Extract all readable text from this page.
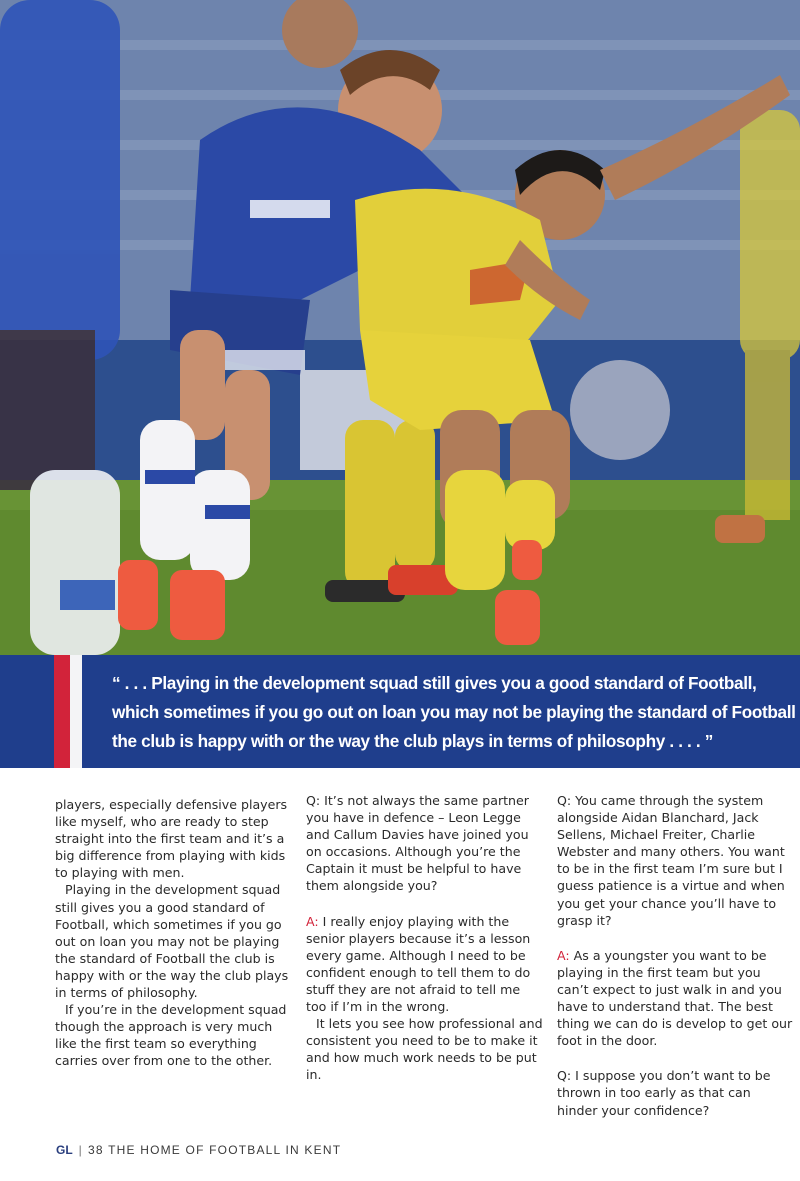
“ . . . Playing in the development squad still gives you a good standard of Football, which sometimes if you go out on loan you may not be playing the standard of Football the club is happy with or the way the club plays in terms of philosophy . . . . ”

players, especially defensive players like myself, who are ready to step straight into the first team and it’s a big difference from playing with kids to playing with men.

Playing in the development squad still gives you a good standard of Football, which sometimes if you go out on loan you may not be playing the standard of Football the club is happy with or the way the club plays in terms of philosophy.

If you’re in the development squad though the approach is very much like the first team so everything carries over from one to the other.

Q: It’s not always the same partner you have in defence – Leon Legge and Callum Davies have joined you on occasions. Although you’re the Captain it must be helpful to have them alongside you?

A: I really enjoy playing with the senior players because it’s a lesson every game. Although I need to be confident enough to tell them to do stuff they are not afraid to tell me too if I’m in the wrong.

It lets you see how professional and consistent you need to be to make it and how much work needs to be put in.

Q: You came through the system alongside Aidan Blanchard, Jack Sellens, Michael Freiter, Charlie Webster and many others. You want to be in the first team I’m sure but I guess patience is a virtue and when you get your chance you’ll have to grasp it?

A: As a youngster you want to be playing in the first team but you can’t expect to just walk in and you have to understand that. The best thing we can do is develop to get our foot in the door.

Q: I suppose you don’t want to be thrown in too early as that can hinder your confidence?

GL | 38 THE HOME OF FOOTBALL IN KENT
